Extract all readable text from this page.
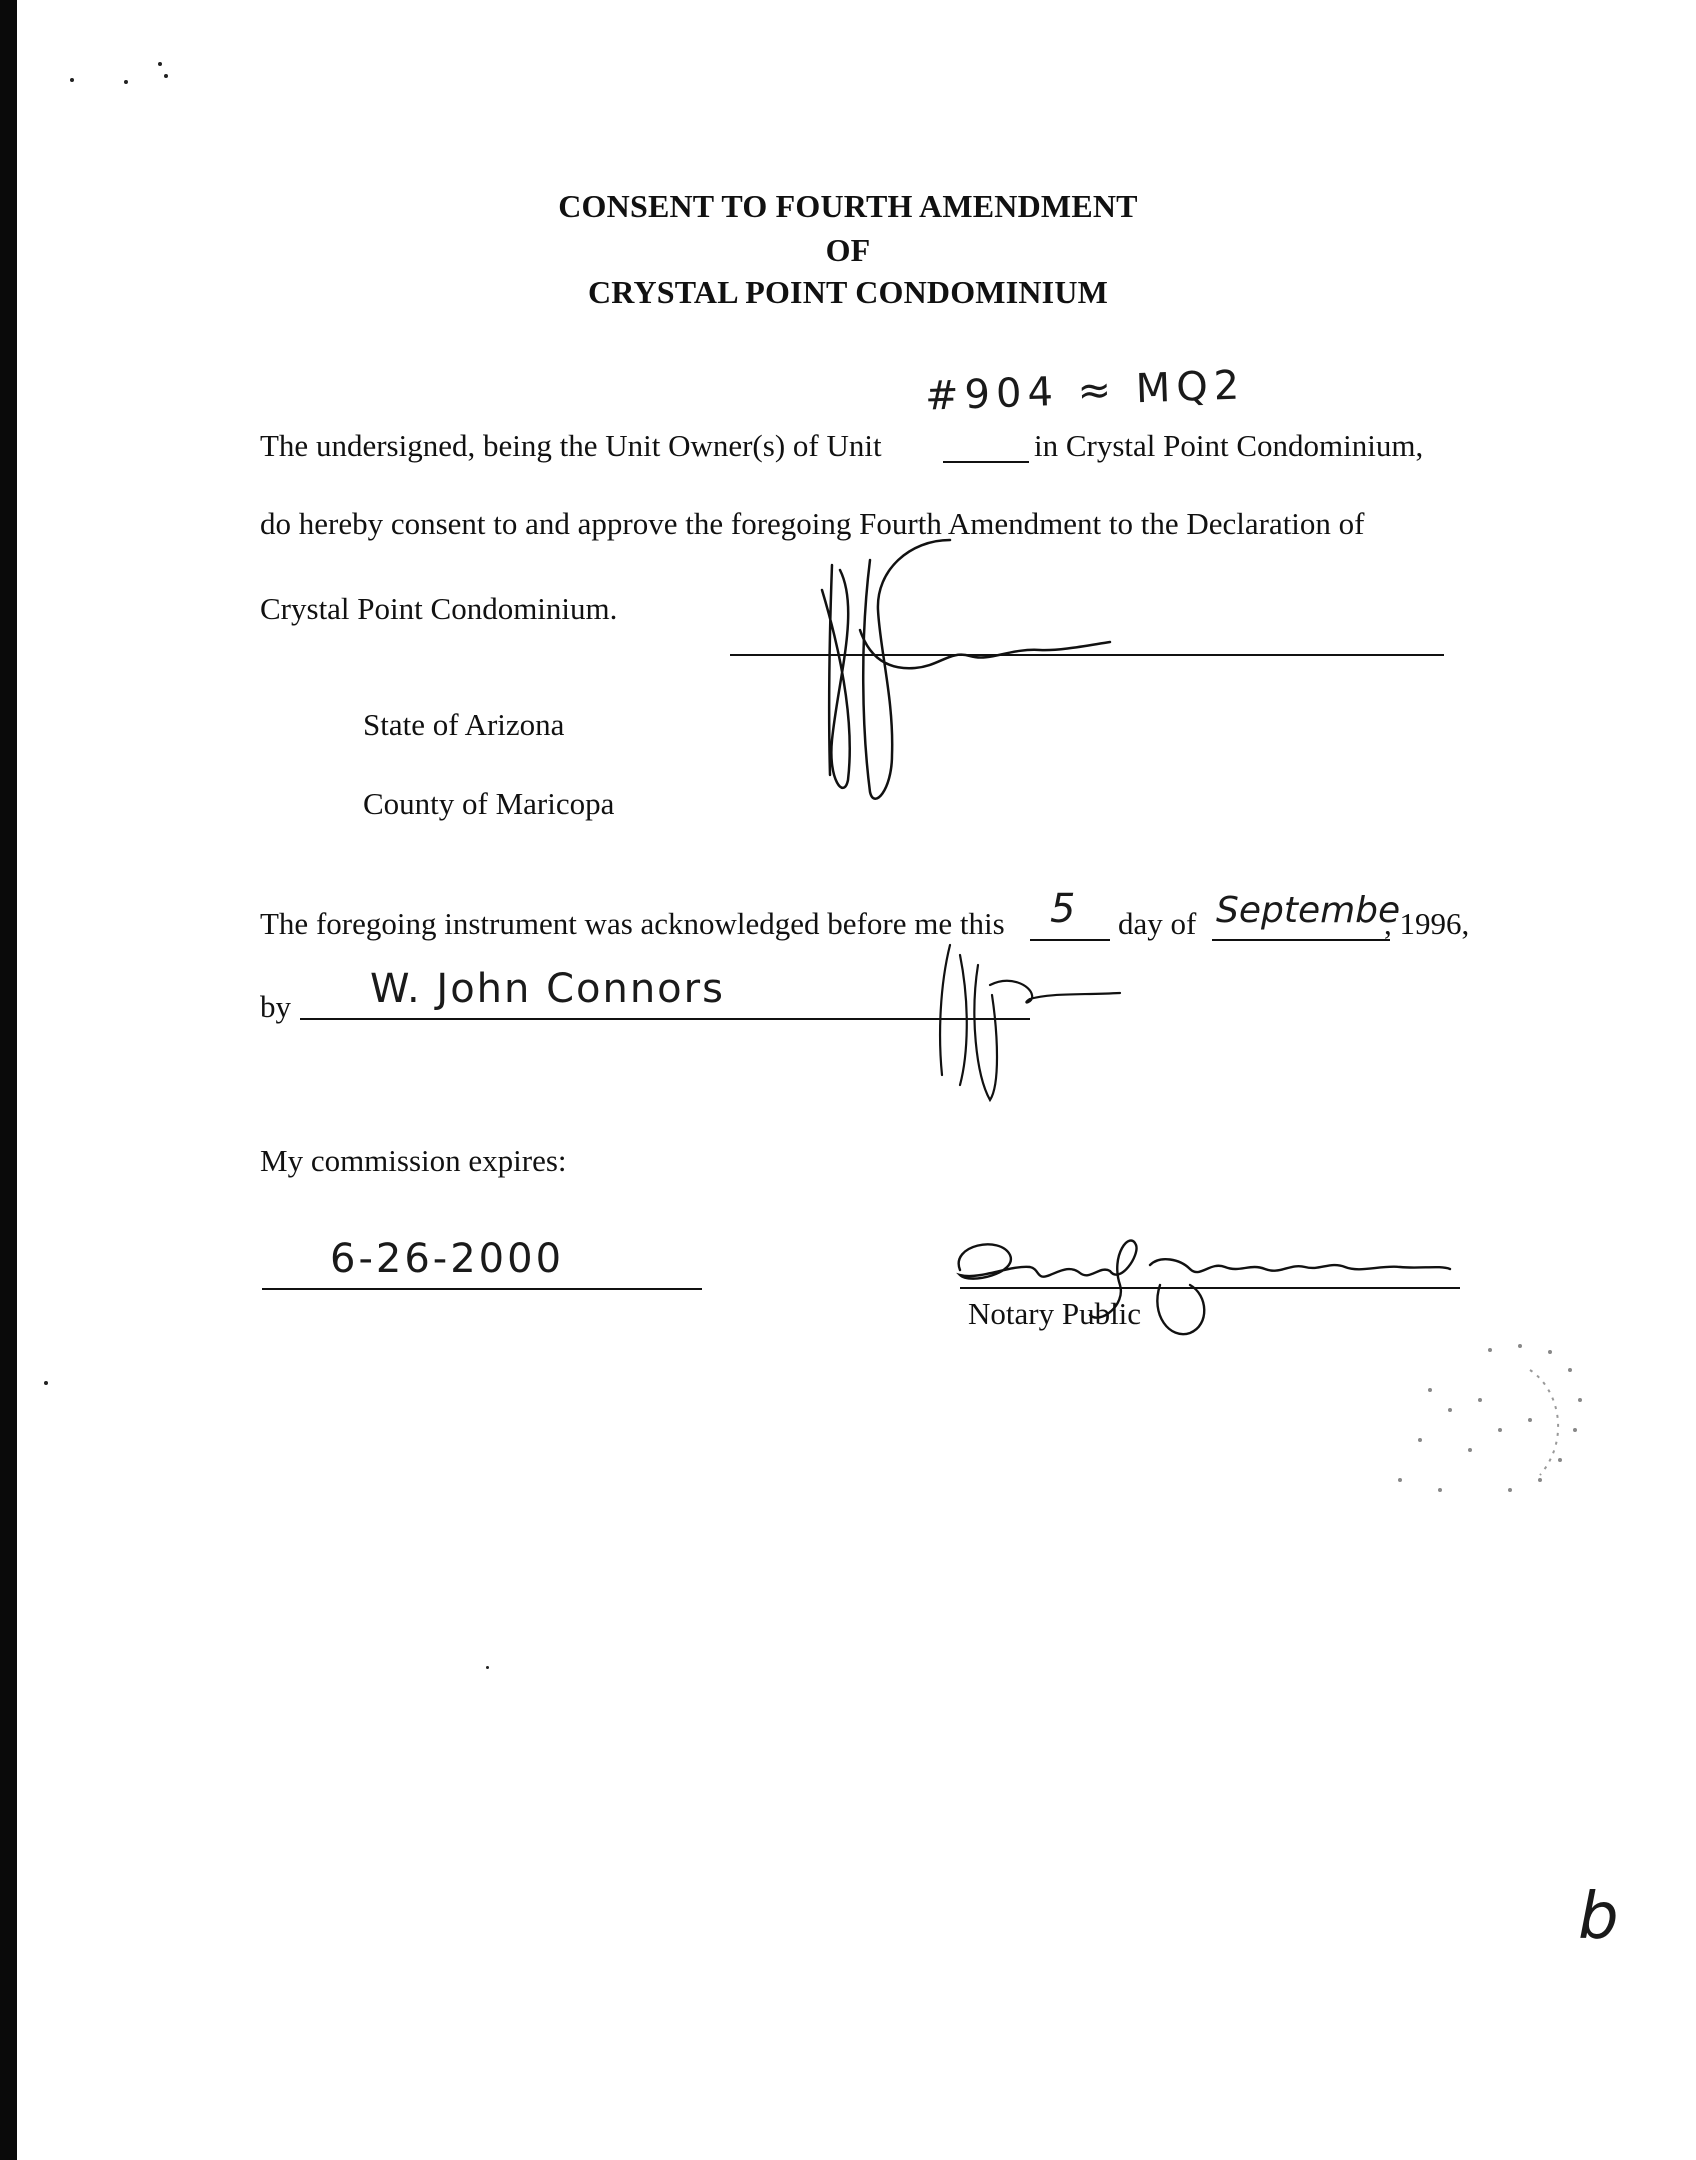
CONSENT TO FOURTH AMENDMENT
OF
CRYSTAL POINT CONDOMINIUM
#904 ≈ MQ2
The undersigned, being the Unit Owner(s) of Unit	in Crystal Point Condominium,
do hereby consent to and approve the foregoing Fourth Amendment to the Declaration of
Crystal Point Condominium.
State of Arizona
County of Maricopa
The foregoing instrument was acknowledged before me this 5 day of Septembe
, 1996,
by W. John Connors
My commission expires:
6-26-2000
Notary Public
b
